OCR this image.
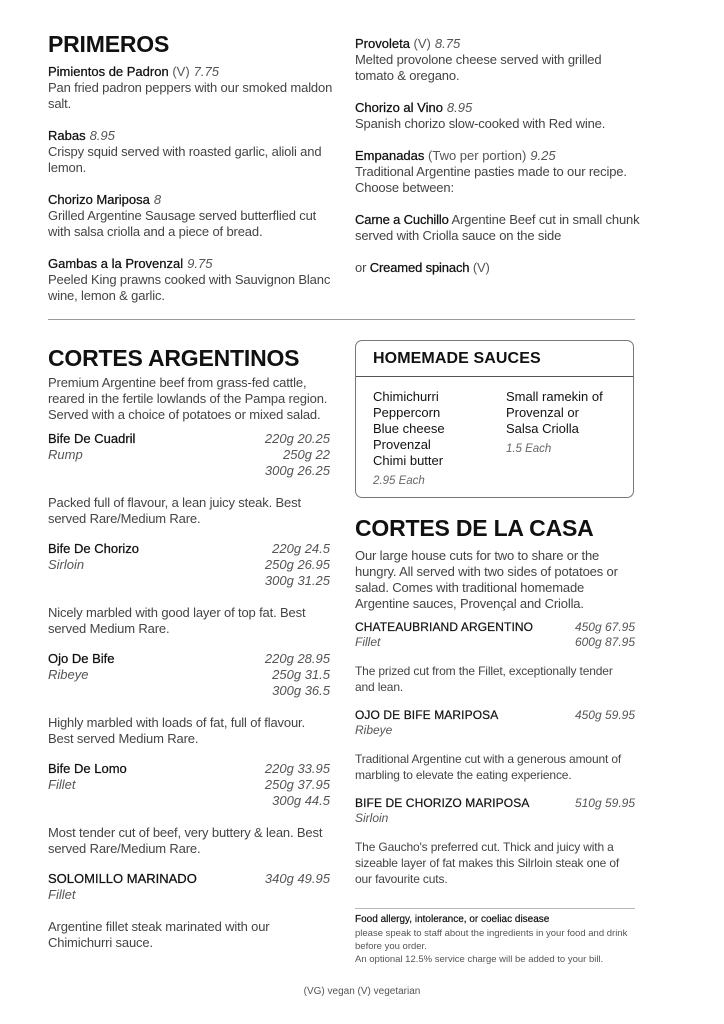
PRIMEROS
Pimientos de Padron (V) 7.75
Pan fried padron peppers with our smoked maldon salt.
Rabas 8.95
Crispy squid served with roasted garlic, alioli and lemon.
Chorizo Mariposa 8
Grilled Argentine Sausage served butterflied cut with salsa criolla and a piece of bread.
Gambas a la Provenzal 9.75
Peeled King prawns cooked with Sauvignon Blanc wine, lemon & garlic.
Provoleta (V) 8.75
Melted provolone cheese served with grilled tomato & oregano.
Chorizo al Vino 8.95
Spanish chorizo slow-cooked with Red wine.
Empanadas (Two per portion) 9.25
Traditional Argentine pasties made to our recipe.
Choose between:
Carne a Cuchillo Argentine Beef cut in small chunk served with Criolla sauce on the side
or Creamed spinach (V)
CORTES ARGENTINOS
Premium Argentine beef from grass-fed cattle, reared in the fertile lowlands of the Pampa region. Served with a choice of potatoes or mixed salad.
Bife De Cuadril
Rump
220g 20.25
250g 22
300g 26.25
Packed full of flavour, a lean juicy steak. Best served Rare/Medium Rare.
Bife De Chorizo
Sirloin
220g 24.5
250g 26.95
300g 31.25
Nicely marbled with good layer of top fat. Best served Medium Rare.
Ojo De Bife
Ribeye
220g 28.95
250g 31.5
300g 36.5
Highly marbled with loads of fat, full of flavour. Best served Medium Rare.
Bife De Lomo
Fillet
220g 33.95
250g 37.95
300g 44.5
Most tender cut of beef, very buttery & lean. Best served Rare/Medium Rare.
SOLOMILLO MARINADO
Fillet
340g 49.95
Argentine fillet steak marinated with our Chimichurri sauce.
HOMEMADE SAUCES
Chimichurri
Peppercorn
Blue cheese
Provenzal
Chimi butter
2.95 Each
Small ramekin of
Provenzal or
Salsa Criolla
1.5 Each
CORTES DE LA CASA
Our large house cuts for two to share or the hungry. All served with two sides of potatoes or salad. Comes with traditional homemade Argentine sauces, Provençal and Criolla.
CHATEAUBRIAND ARGENTINO
Fillet
450g 67.95
600g 87.95
The prized cut from the Fillet, exceptionally tender and lean.
OJO DE BIFE MARIPOSA
Ribeye
450g 59.95
Traditional Argentine cut with a generous amount of marbling to elevate the eating experience.
BIFE DE CHORIZO MARIPOSA
Sirloin
510g 59.95
The Gaucho's preferred cut. Thick and juicy with a sizeable layer of fat makes this Silrloin steak one of our favourite cuts.
Food allergy, intolerance, or coeliac disease
please speak to staff about the ingredients in your food and drink before you order.
An optional 12.5% service charge will be added to your bill.
(VG) vegan (V) vegetarian
